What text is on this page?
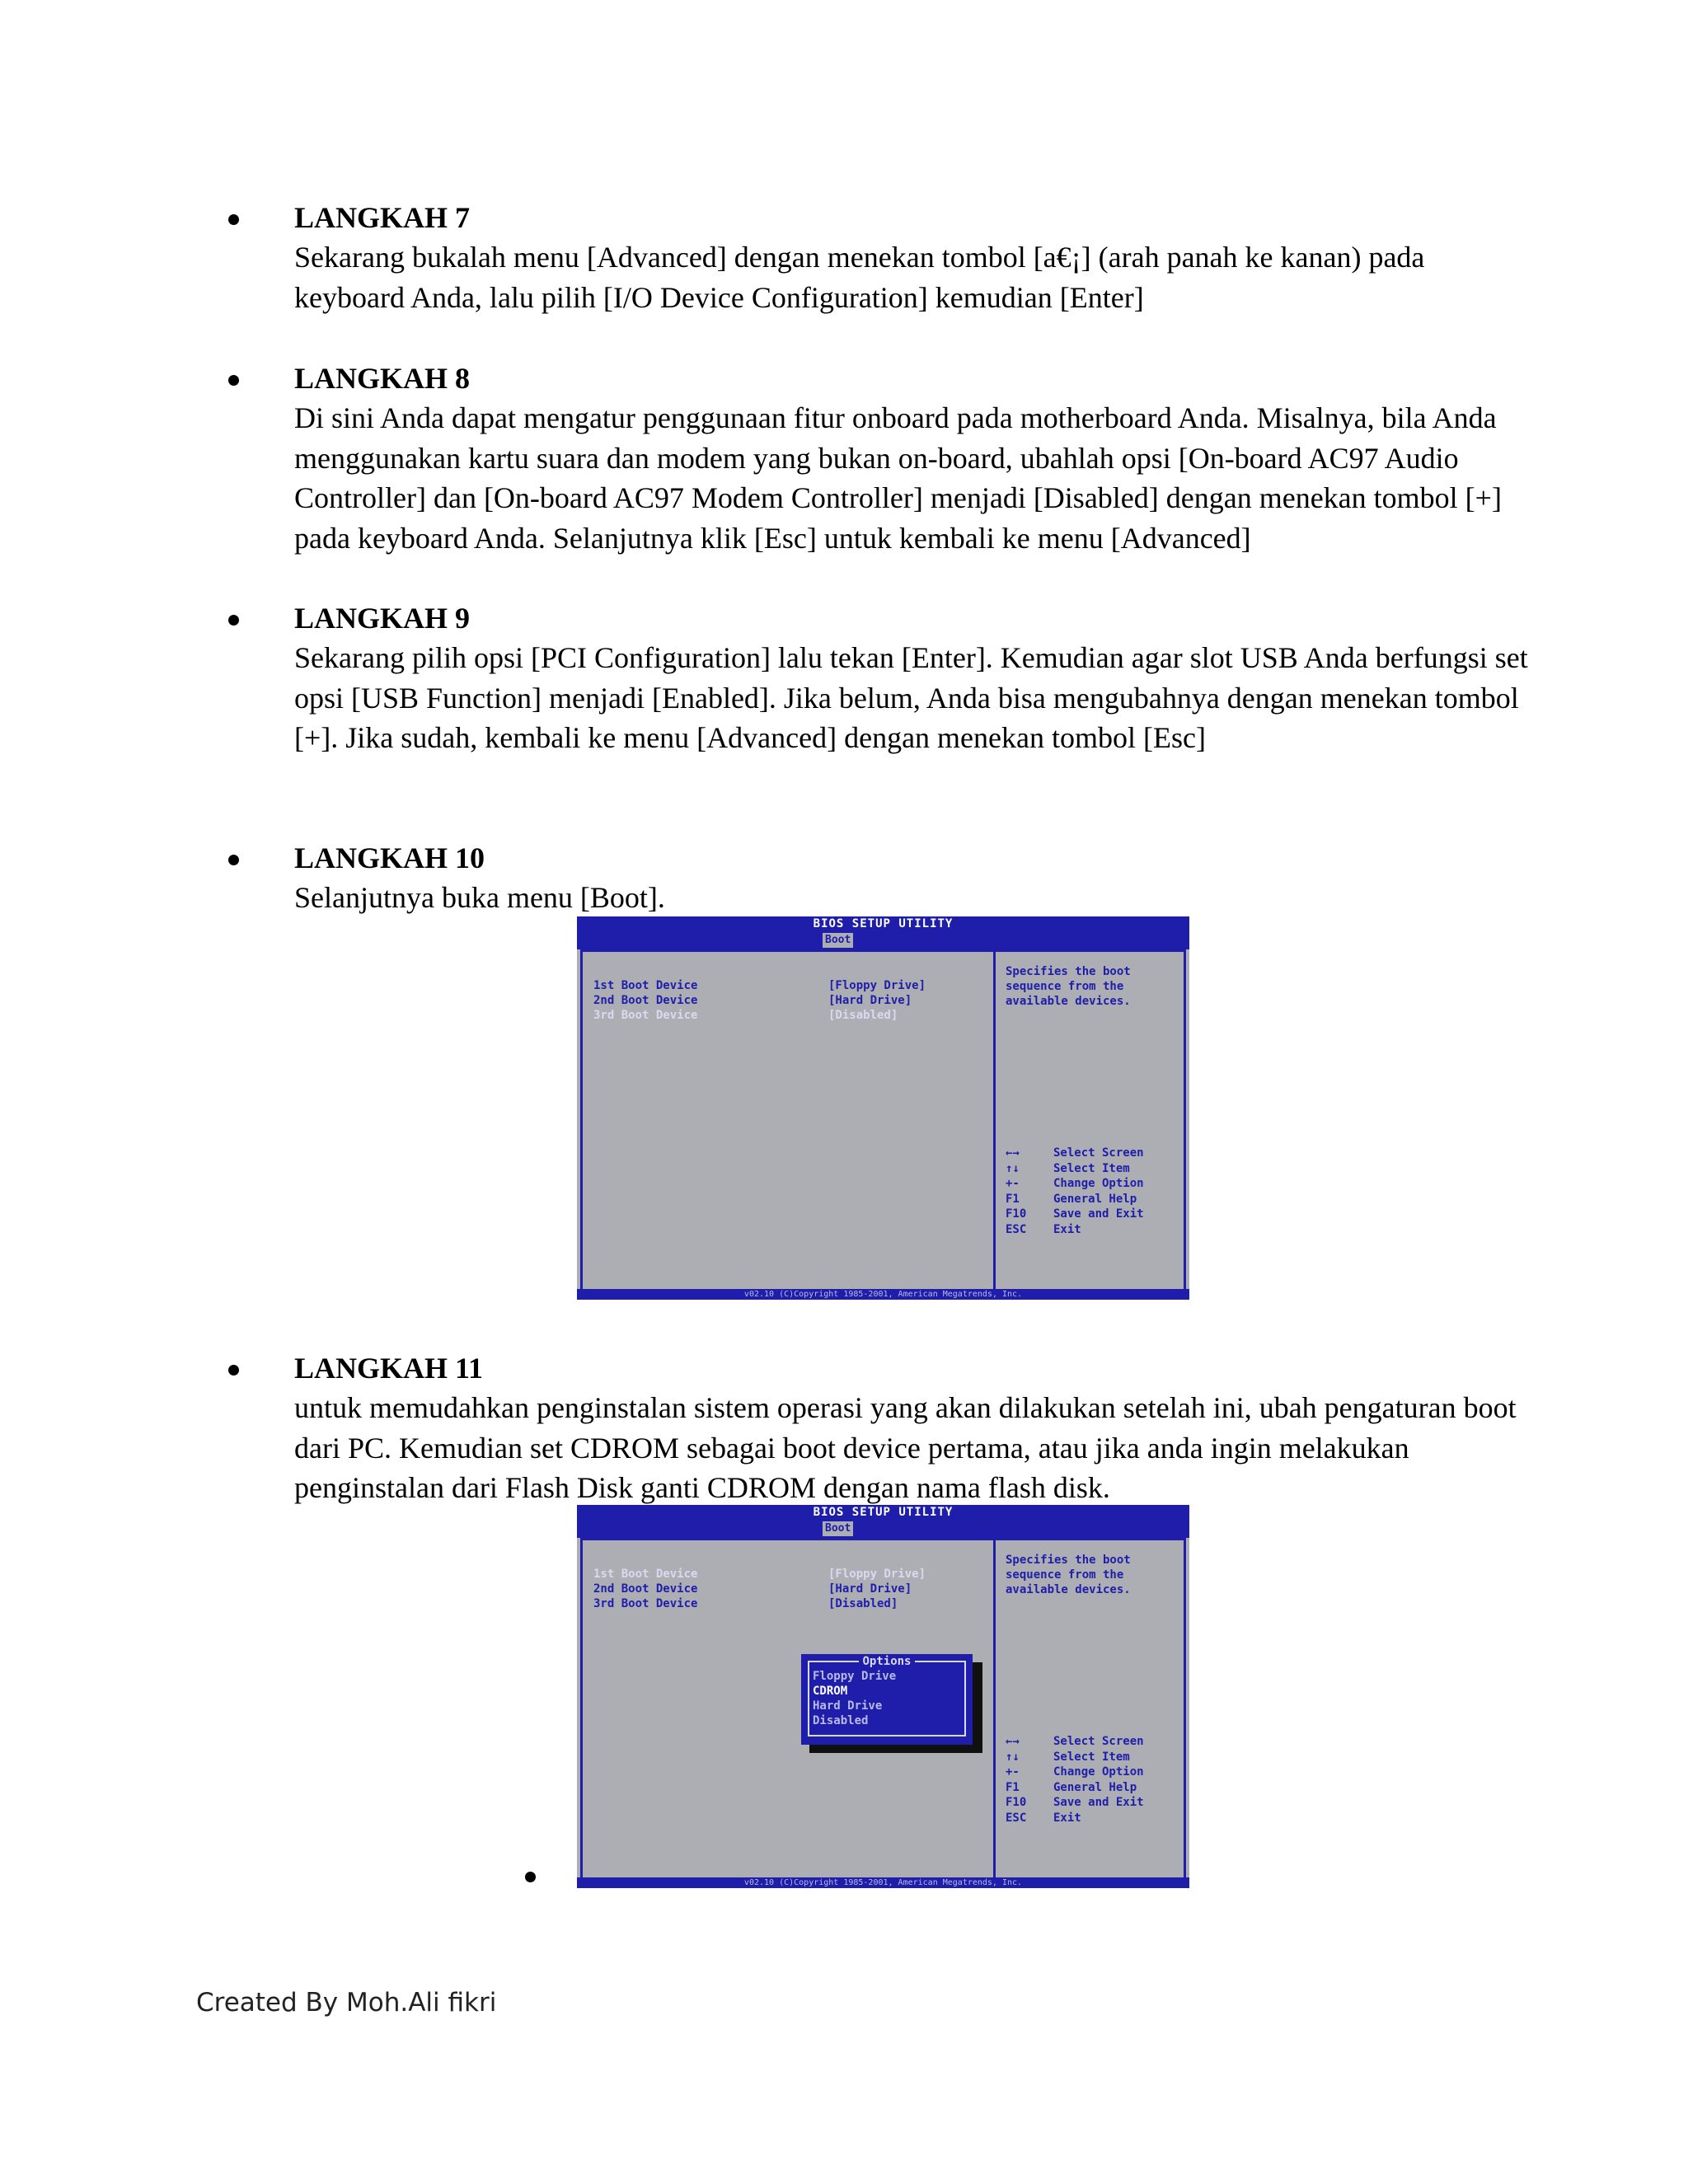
LANGKAH 7
Sekarang bukalah menu [Advanced] dengan menekan tombol [a€¡] (arah panah ke kanan) pada keyboard Anda, lalu pilih [I/O Device Configuration] kemudian [Enter]
LANGKAH 8
Di sini Anda dapat mengatur penggunaan fitur onboard pada motherboard Anda. Misalnya, bila Anda menggunakan kartu suara dan modem yang bukan on-board, ubahlah opsi [On-board AC97 Audio Controller] dan [On-board AC97 Modem Controller] menjadi [Disabled] dengan menekan tombol [+] pada keyboard Anda. Selanjutnya klik [Esc] untuk kembali ke menu [Advanced]
LANGKAH 9
Sekarang pilih opsi [PCI Configuration] lalu tekan [Enter]. Kemudian agar slot USB Anda berfungsi set opsi [USB Function] menjadi [Enabled]. Jika belum, Anda bisa mengubahnya dengan menekan tombol [+]. Jika sudah, kembali ke menu [Advanced] dengan menekan tombol [Esc]
LANGKAH 10
Selanjutnya buka menu [Boot].
BIOS SETUP UTILITY
Boot
1st Boot Device	[Floppy Drive]
2nd Boot Device	[Hard Drive]
3rd Boot Device	[Disabled]
Specifies the boot sequence from the available devices.
←→	Select Screen
↑↓	Select Item
+-	Change Option
F1	General Help
F10 Save and Exit
ESC Exit
v02.10 (C)Copyright 1985-2001, American Megatrends, Inc.
LANGKAH 11
untuk memudahkan penginstalan sistem operasi yang akan dilakukan setelah ini, ubah pengaturan boot dari PC. Kemudian set CDROM sebagai boot device pertama, atau jika anda ingin melakukan penginstalan dari Flash Disk ganti CDROM dengan nama flash disk.
BIOS SETUP UTILITY
Boot
1st Boot Device	[Floppy Drive]
2nd Boot Device	[Hard Drive]
3rd Boot Device	[Disabled]
Specifies the boot sequence from the available devices.
Options
Floppy Drive
CDROM
Hard Drive
Disabled
←→	Select Screen
↑↓	Select Item
+-	Change Option
F1	General Help
F10 Save and Exit
ESC Exit
v02.10 (C)Copyright 1985-2001, American Megatrends, Inc.
Created By Moh.Ali fikri
